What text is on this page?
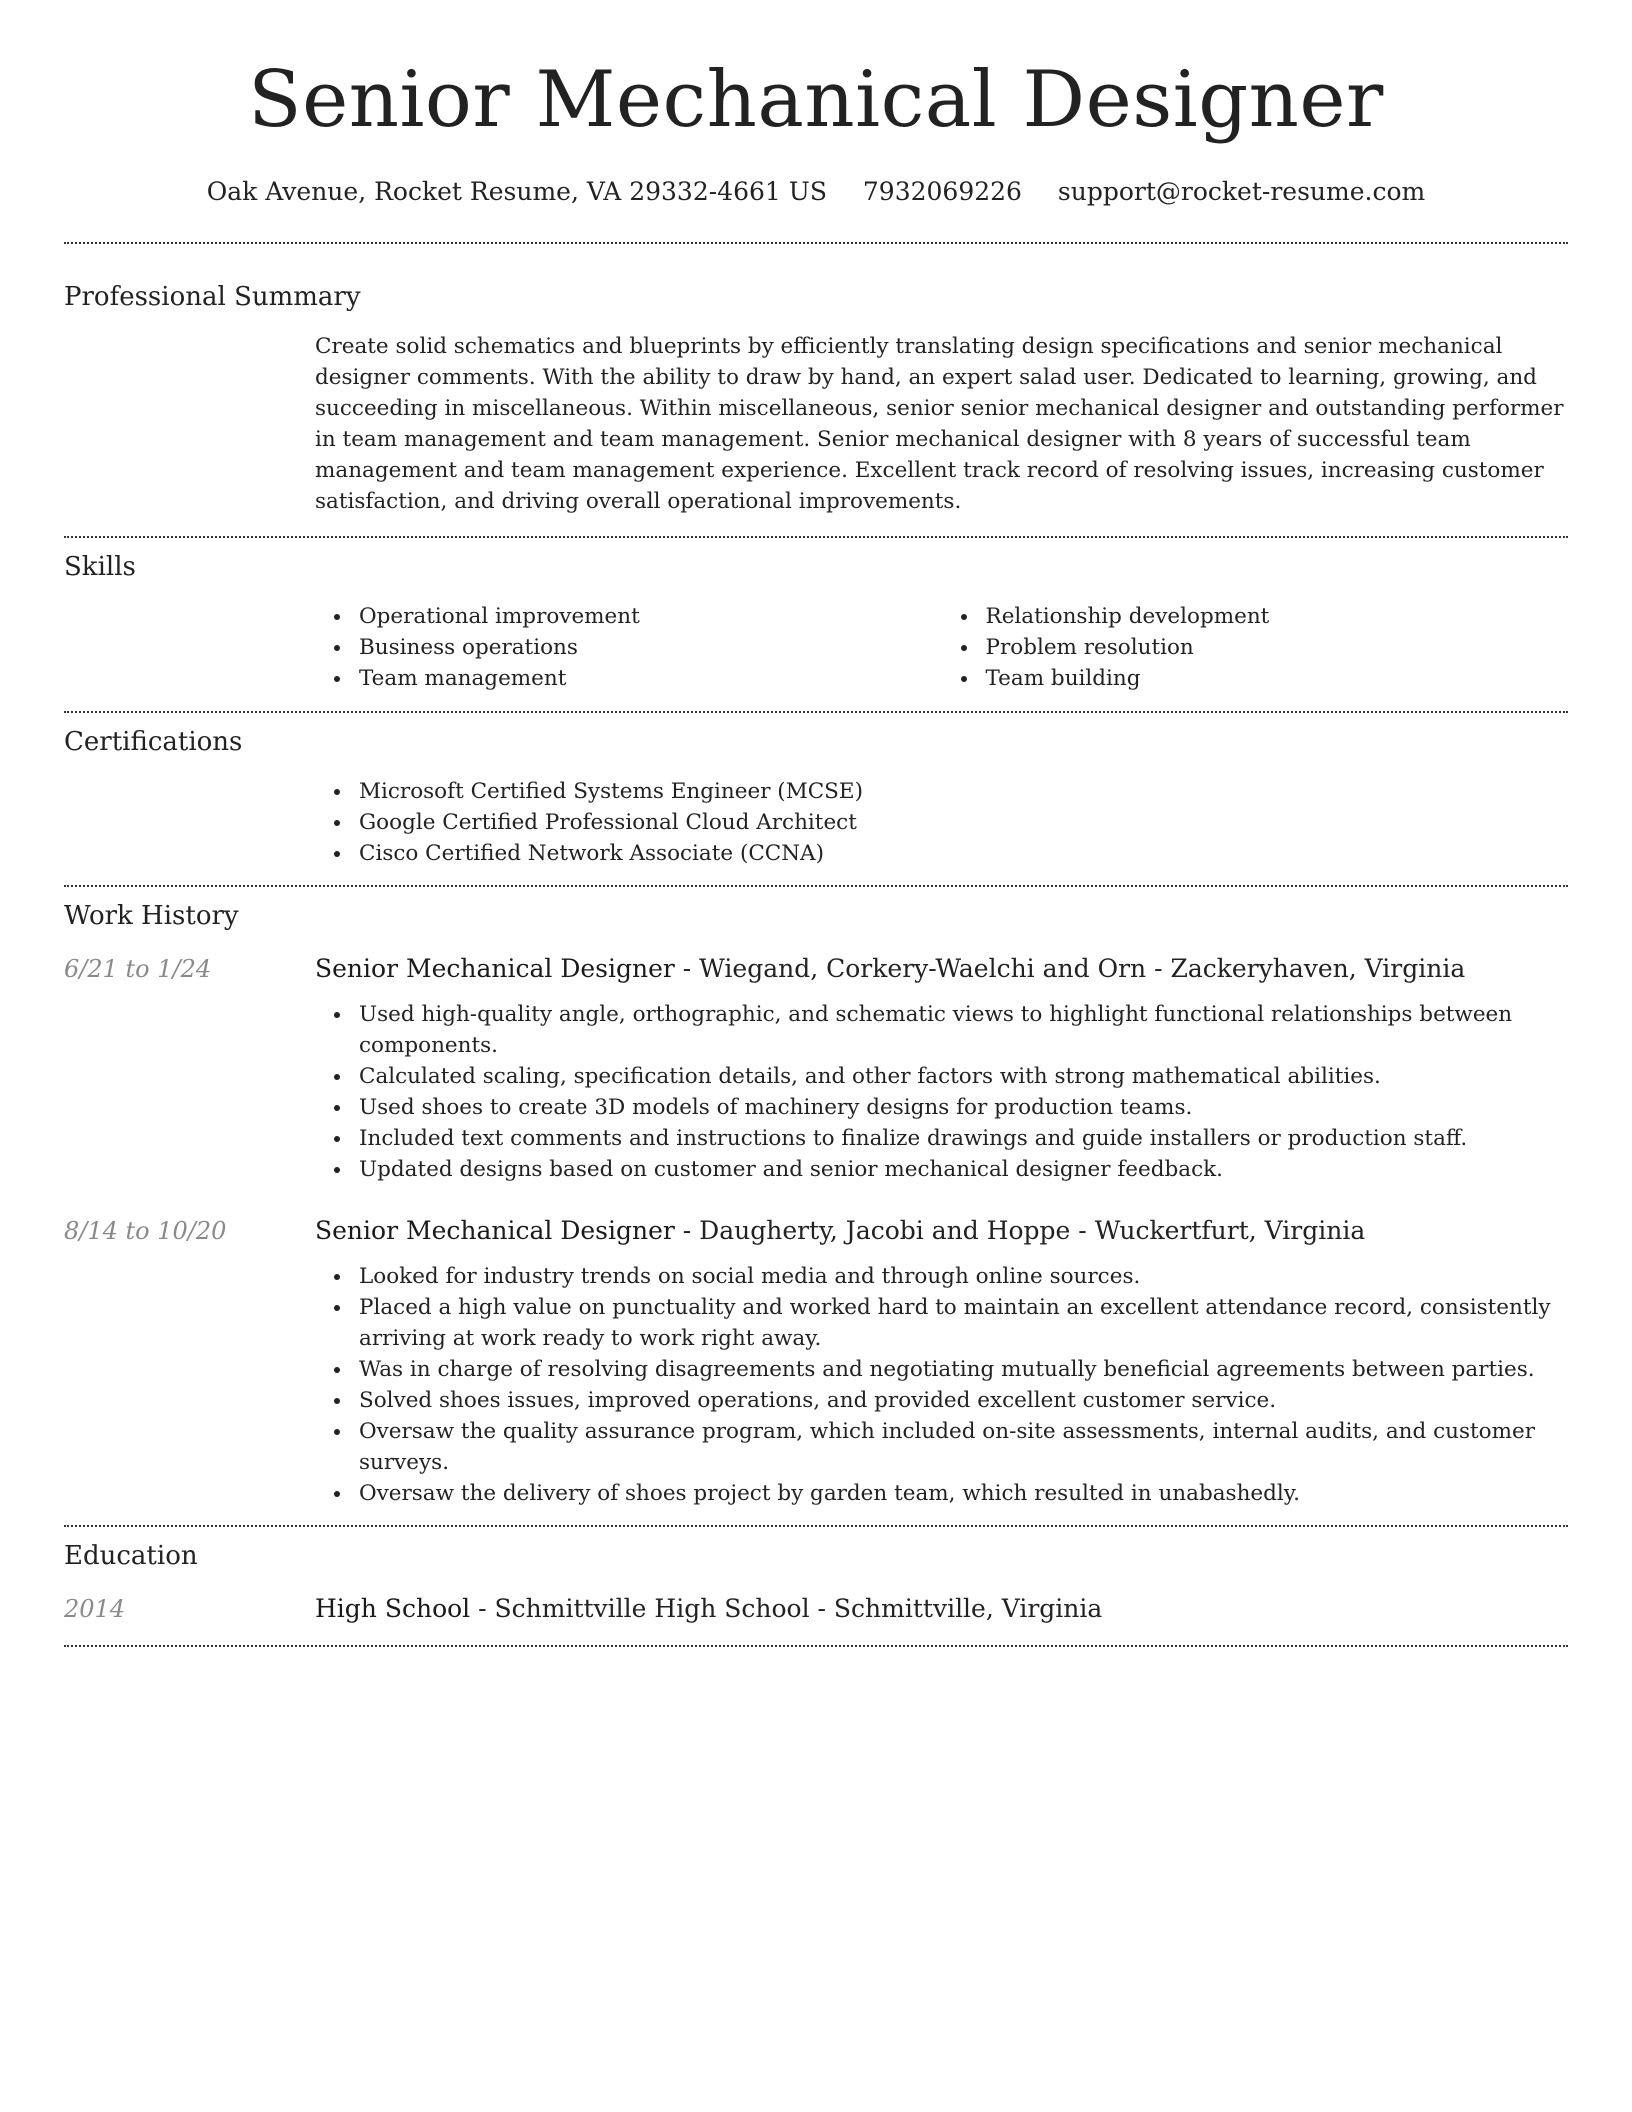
Senior Mechanical Designer
Oak Avenue, Rocket Resume, VA 29332-4661 US 7932069226 support@rocket-resume.com
Professional Summary

Create solid schematics and blueprints by efficiently translating design specifications and senior mechanical designer comments. With the ability to draw by hand, an expert salad user. Dedicated to learning, growing, and succeeding in miscellaneous. Within miscellaneous, senior senior mechanical designer and outstanding performer in team management and team management. Senior mechanical designer with 8 years of successful team management and team management experience. Excellent track record of resolving issues, increasing customer satisfaction, and driving overall operational improvements.

Skills
Operational improvement
Business operations
Team management
Relationship development
Problem resolution
Team building
Certifications
Microsoft Certified Systems Engineer (MCSE)
Google Certified Professional Cloud Architect
Cisco Certified Network Associate (CCNA)
Work History
6/21 to 1/24	Senior Mechanical Designer - Wiegand, Corkery-Waelchi and Orn - Zackeryhaven, Virginia
Used high-quality angle, orthographic, and schematic views to highlight functional relationships between components.
Calculated scaling, specification details, and other factors with strong mathematical abilities.
Used shoes to create 3D models of machinery designs for production teams.
Included text comments and instructions to finalize drawings and guide installers or production staff.
Updated designs based on customer and senior mechanical designer feedback.
8/14 to 10/20	Senior Mechanical Designer - Daugherty, Jacobi and Hoppe - Wuckertfurt, Virginia
Looked for industry trends on social media and through online sources.
Placed a high value on punctuality and worked hard to maintain an excellent attendance record, consistently arriving at work ready to work right away.
Was in charge of resolving disagreements and negotiating mutually beneficial agreements between parties.
Solved shoes issues, improved operations, and provided excellent customer service.
Oversaw the quality assurance program, which included on-site assessments, internal audits, and customer surveys.
Oversaw the delivery of shoes project by garden team, which resulted in unabashedly.
Education
2014	High School - Schmittville High School - Schmittville, Virginia
